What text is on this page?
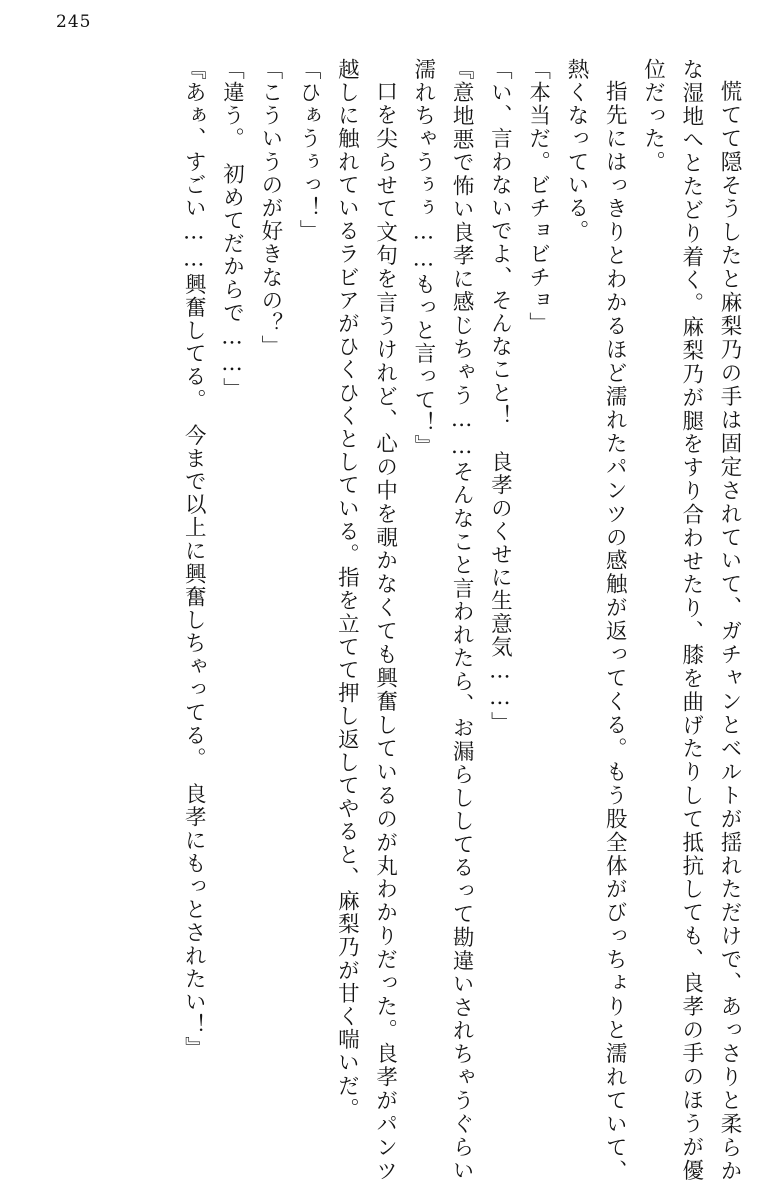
245

慌てて隠そうしたと麻梨乃の手は固定されていて、ガチャンとベルトが揺れただけで、あっさりと柔らかな湿地へとたどり着く。麻梨乃が腿をすり合わせたり、膝を曲げたりして抵抗しても、良孝の手のほうが優位だった。

指先にはっきりとわかるほど濡れたパンツの感触が返ってくる。もう股全体がびっちょりと濡れていて、熱くなっている。

「本当だ。ビチョビチョ」

「い、言わないでよ、そんなこと！　良孝のくせに生意気……」

『意地悪で怖い良孝に感じちゃう……そんなこと言われたら、お漏らししてるって勘違いされちゃうぐらい濡れちゃうぅぅ……もっと言って！』

口を尖らせて文句を言うけれど、心の中を覗かなくても興奮しているのが丸わかりだった。良孝がパンツ越しに触れているラビアがひくひくとしている。指を立てて押し返してやると、麻梨乃が甘く喘いだ。

「ひぁうぅっ！」

「こういうのが好きなの？」

「違う。　初めてだからで……」

『あぁ、すごい……興奮してる。　今まで以上に興奮しちゃってる。　良孝にもっとされたい！』
